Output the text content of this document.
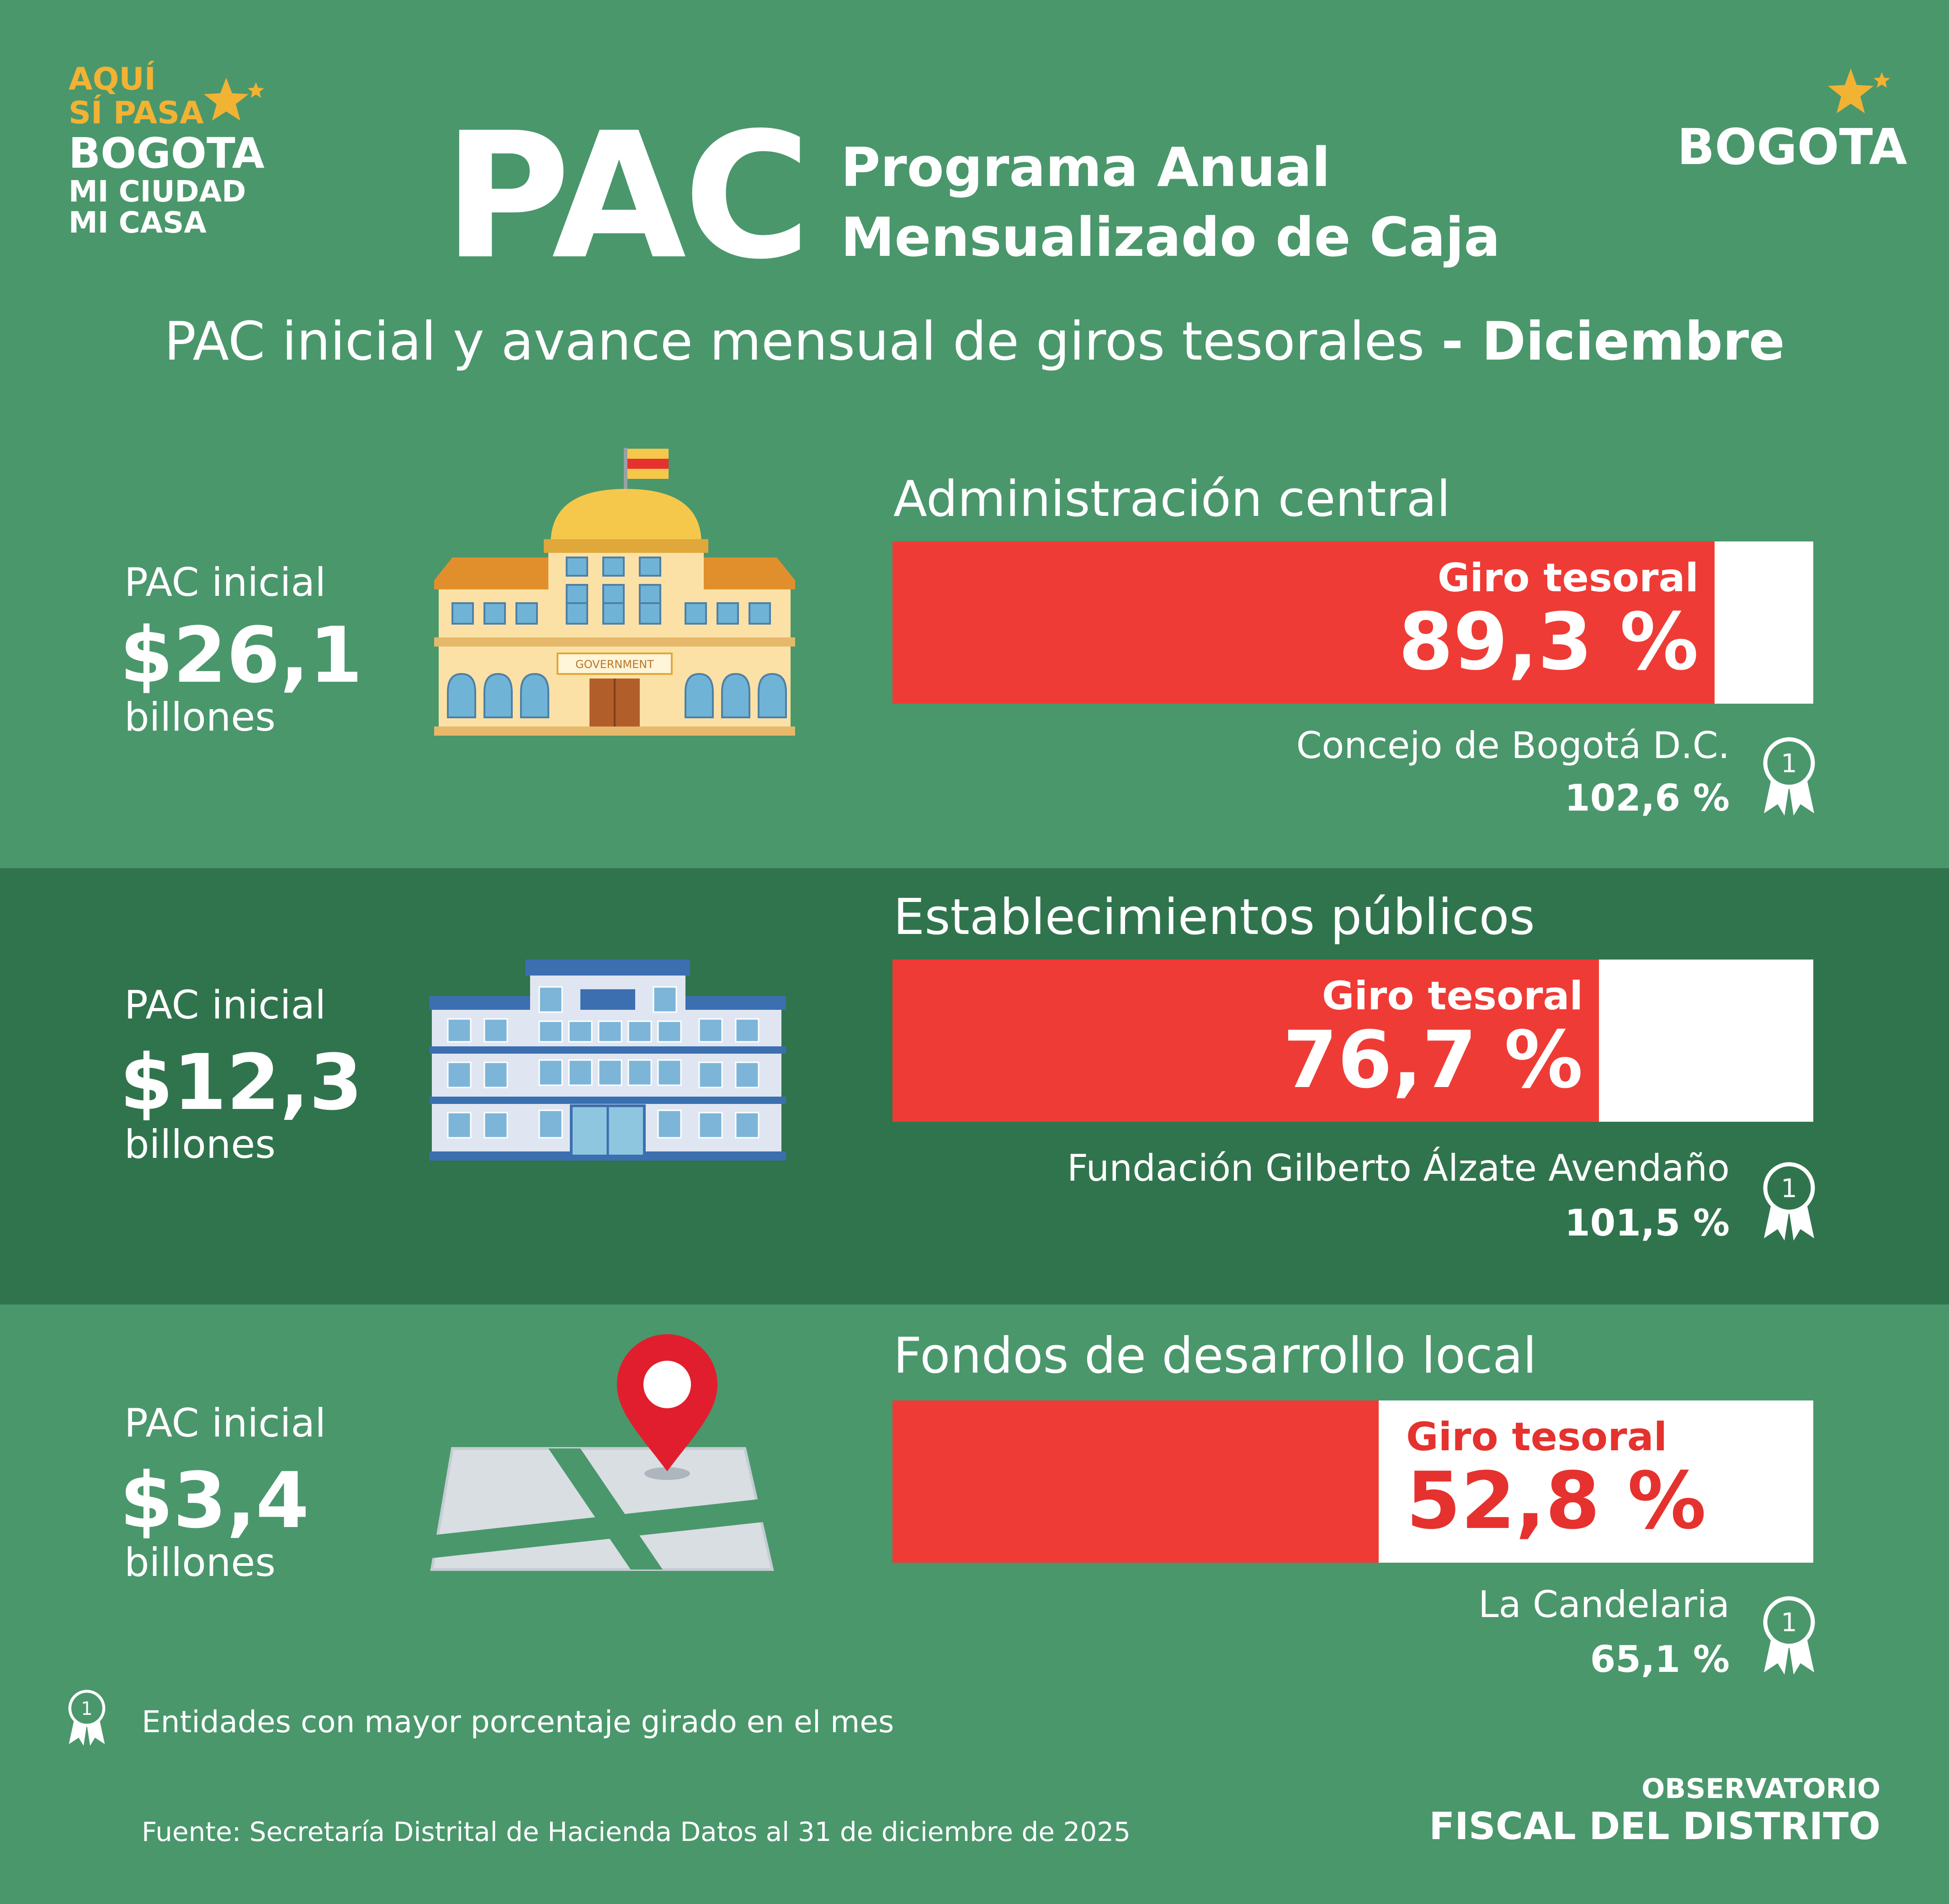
AQUÍ
SÍ PASA
BOGOTA
MI CIUDAD
MI CASA
BOGOTA
PAC Programa Anual
Mensualizado de Caja
PAC inicial y avance mensual de giros tesorales - Diciembre
PAC inicial
$26,1
billones
GOVERNMENT
Administración central
Giro tesoral
89,3 %
Concejo de Bogotá D.C.
102,6 %
1
PAC inicial
$12,3
billones
Establecimientos públicos
Giro tesoral
76,7 %
Fundación Gilberto Álzate Avendaño
101,5 %
1
PAC inicial
$3,4
billones
Fondos de desarrollo local
Giro tesoral
52,8 %
La Candelaria
65,1 %
1
1 Entidades con mayor porcentaje girado en el mes
Fuente: Secretaría Distrital de Hacienda Datos al 31 de diciembre de 2025
OBSERVATORIO
FISCAL DEL DISTRITO
